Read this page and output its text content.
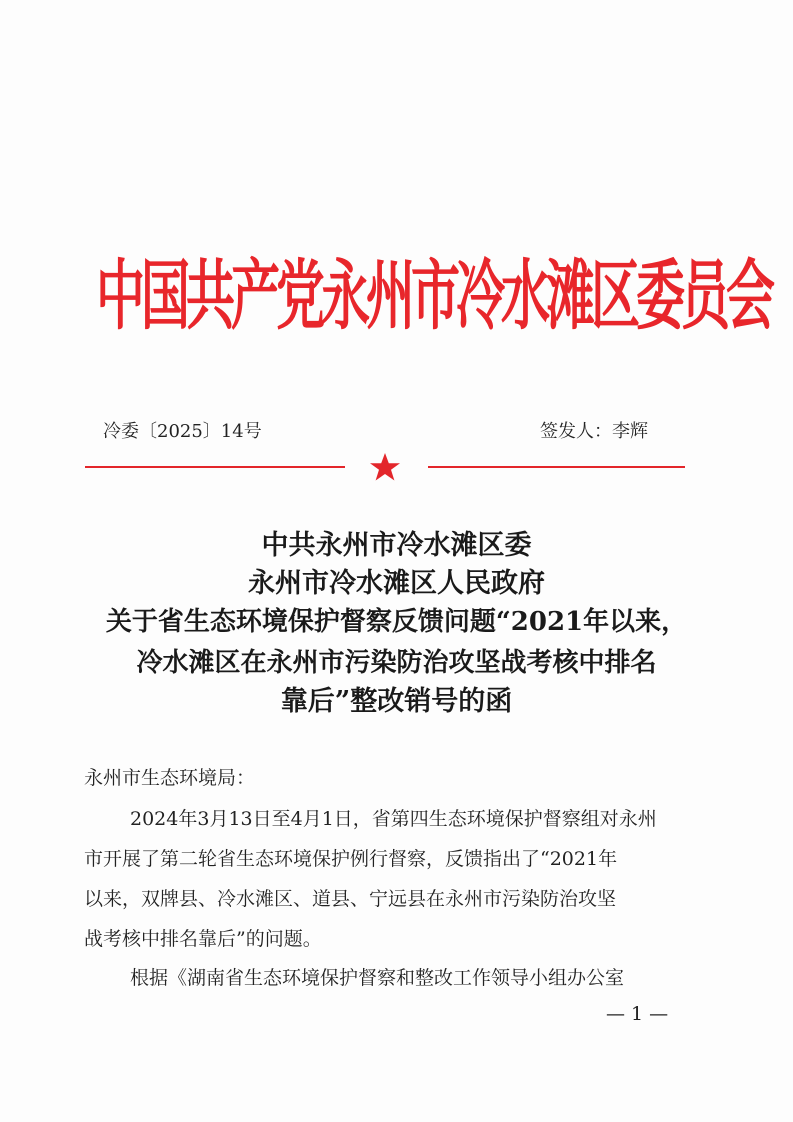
中国共产党永州市冷水滩区委员会
冷委〔2025〕14号	签发人：李辉
中共永州市冷水滩区委
永州市冷水滩区人民政府
关于省生态环境保护督察反馈问题“2021年以来，
冷水滩区在永州市污染防治攻坚战考核中排名
靠后”整改销号的函
永州市生态环境局：
2024年3月13日至4月1日，省第四生态环境保护督察组对永州
市开展了第二轮省生态环境保护例行督察，反馈指出了“2021年
以来，双牌县、冷水滩区、道县、宁远县在永州市污染防治攻坚
战考核中排名靠后”的问题。
根据《湖南省生态环境保护督察和整改工作领导小组办公室
— 1 —
